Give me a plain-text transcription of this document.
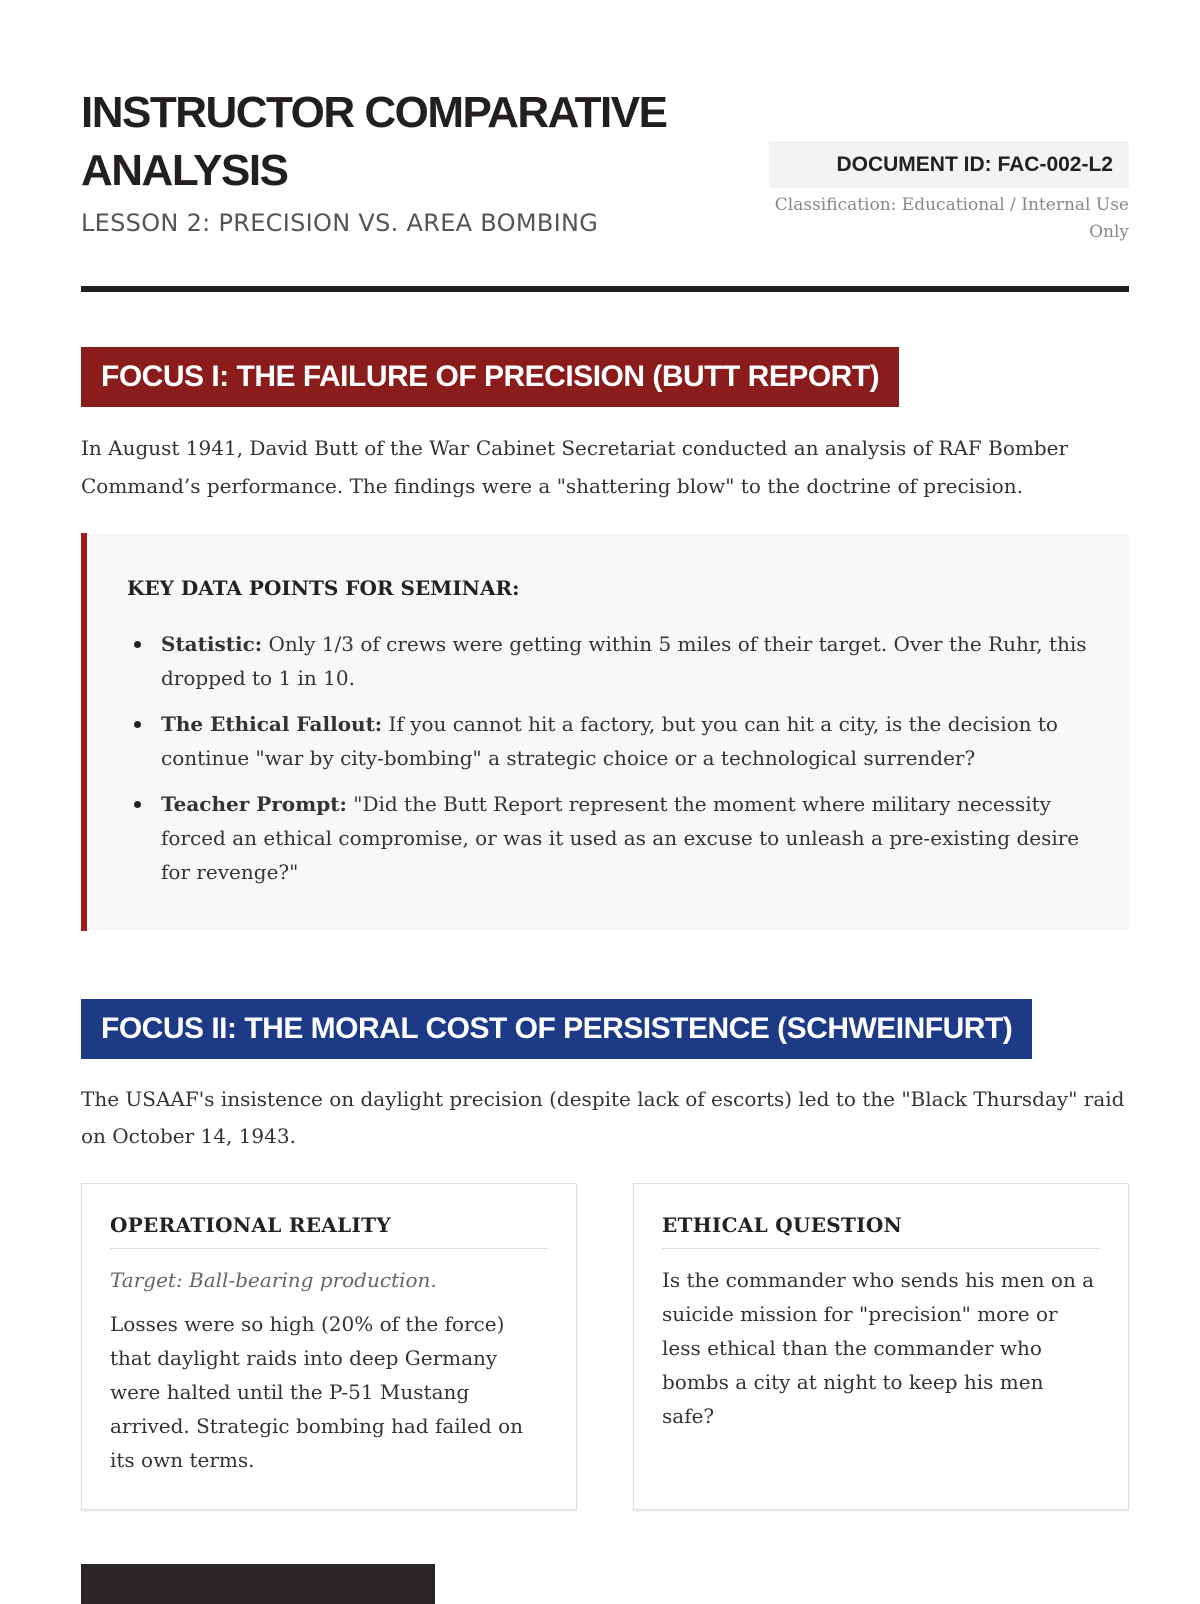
INSTRUCTOR COMPARATIVE ANALYSIS
LESSON 2: PRECISION VS. AREA BOMBING
DOCUMENT ID: FAC-002-L2
Classification: Educational / Internal Use Only
FOCUS I: THE FAILURE OF PRECISION (BUTT REPORT)

In August 1941, David Butt of the War Cabinet Secretariat conducted an analysis of RAF Bomber Command’s performance. The findings were a "shattering blow" to the doctrine of precision.

KEY DATA POINTS FOR SEMINAR:
Statistic: Only 1/3 of crews were getting within 5 miles of their target. Over the Ruhr, this dropped to 1 in 10.
The Ethical Fallout: If you cannot hit a factory, but you can hit a city, is the decision to continue "war by city-bombing" a strategic choice or a technological surrender?
Teacher Prompt: "Did the Butt Report represent the moment where military necessity forced an ethical compromise, or was it used as an excuse to unleash a pre-existing desire for revenge?"
FOCUS II: THE MORAL COST OF PERSISTENCE (SCHWEINFURT)

The USAAF's insistence on daylight precision (despite lack of escorts) led to the "Black Thursday" raid on October 14, 1943.

OPERATIONAL REALITY
Target: Ball-bearing production.

Losses were so high (20% of the force) that daylight raids into deep Germany were halted until the P-51 Mustang arrived. Strategic bombing had failed on its own terms.

ETHICAL QUESTION

Is the commander who sends his men on a suicide mission for "precision" more or less ethical than the commander who bombs a city at night to keep his men safe?
